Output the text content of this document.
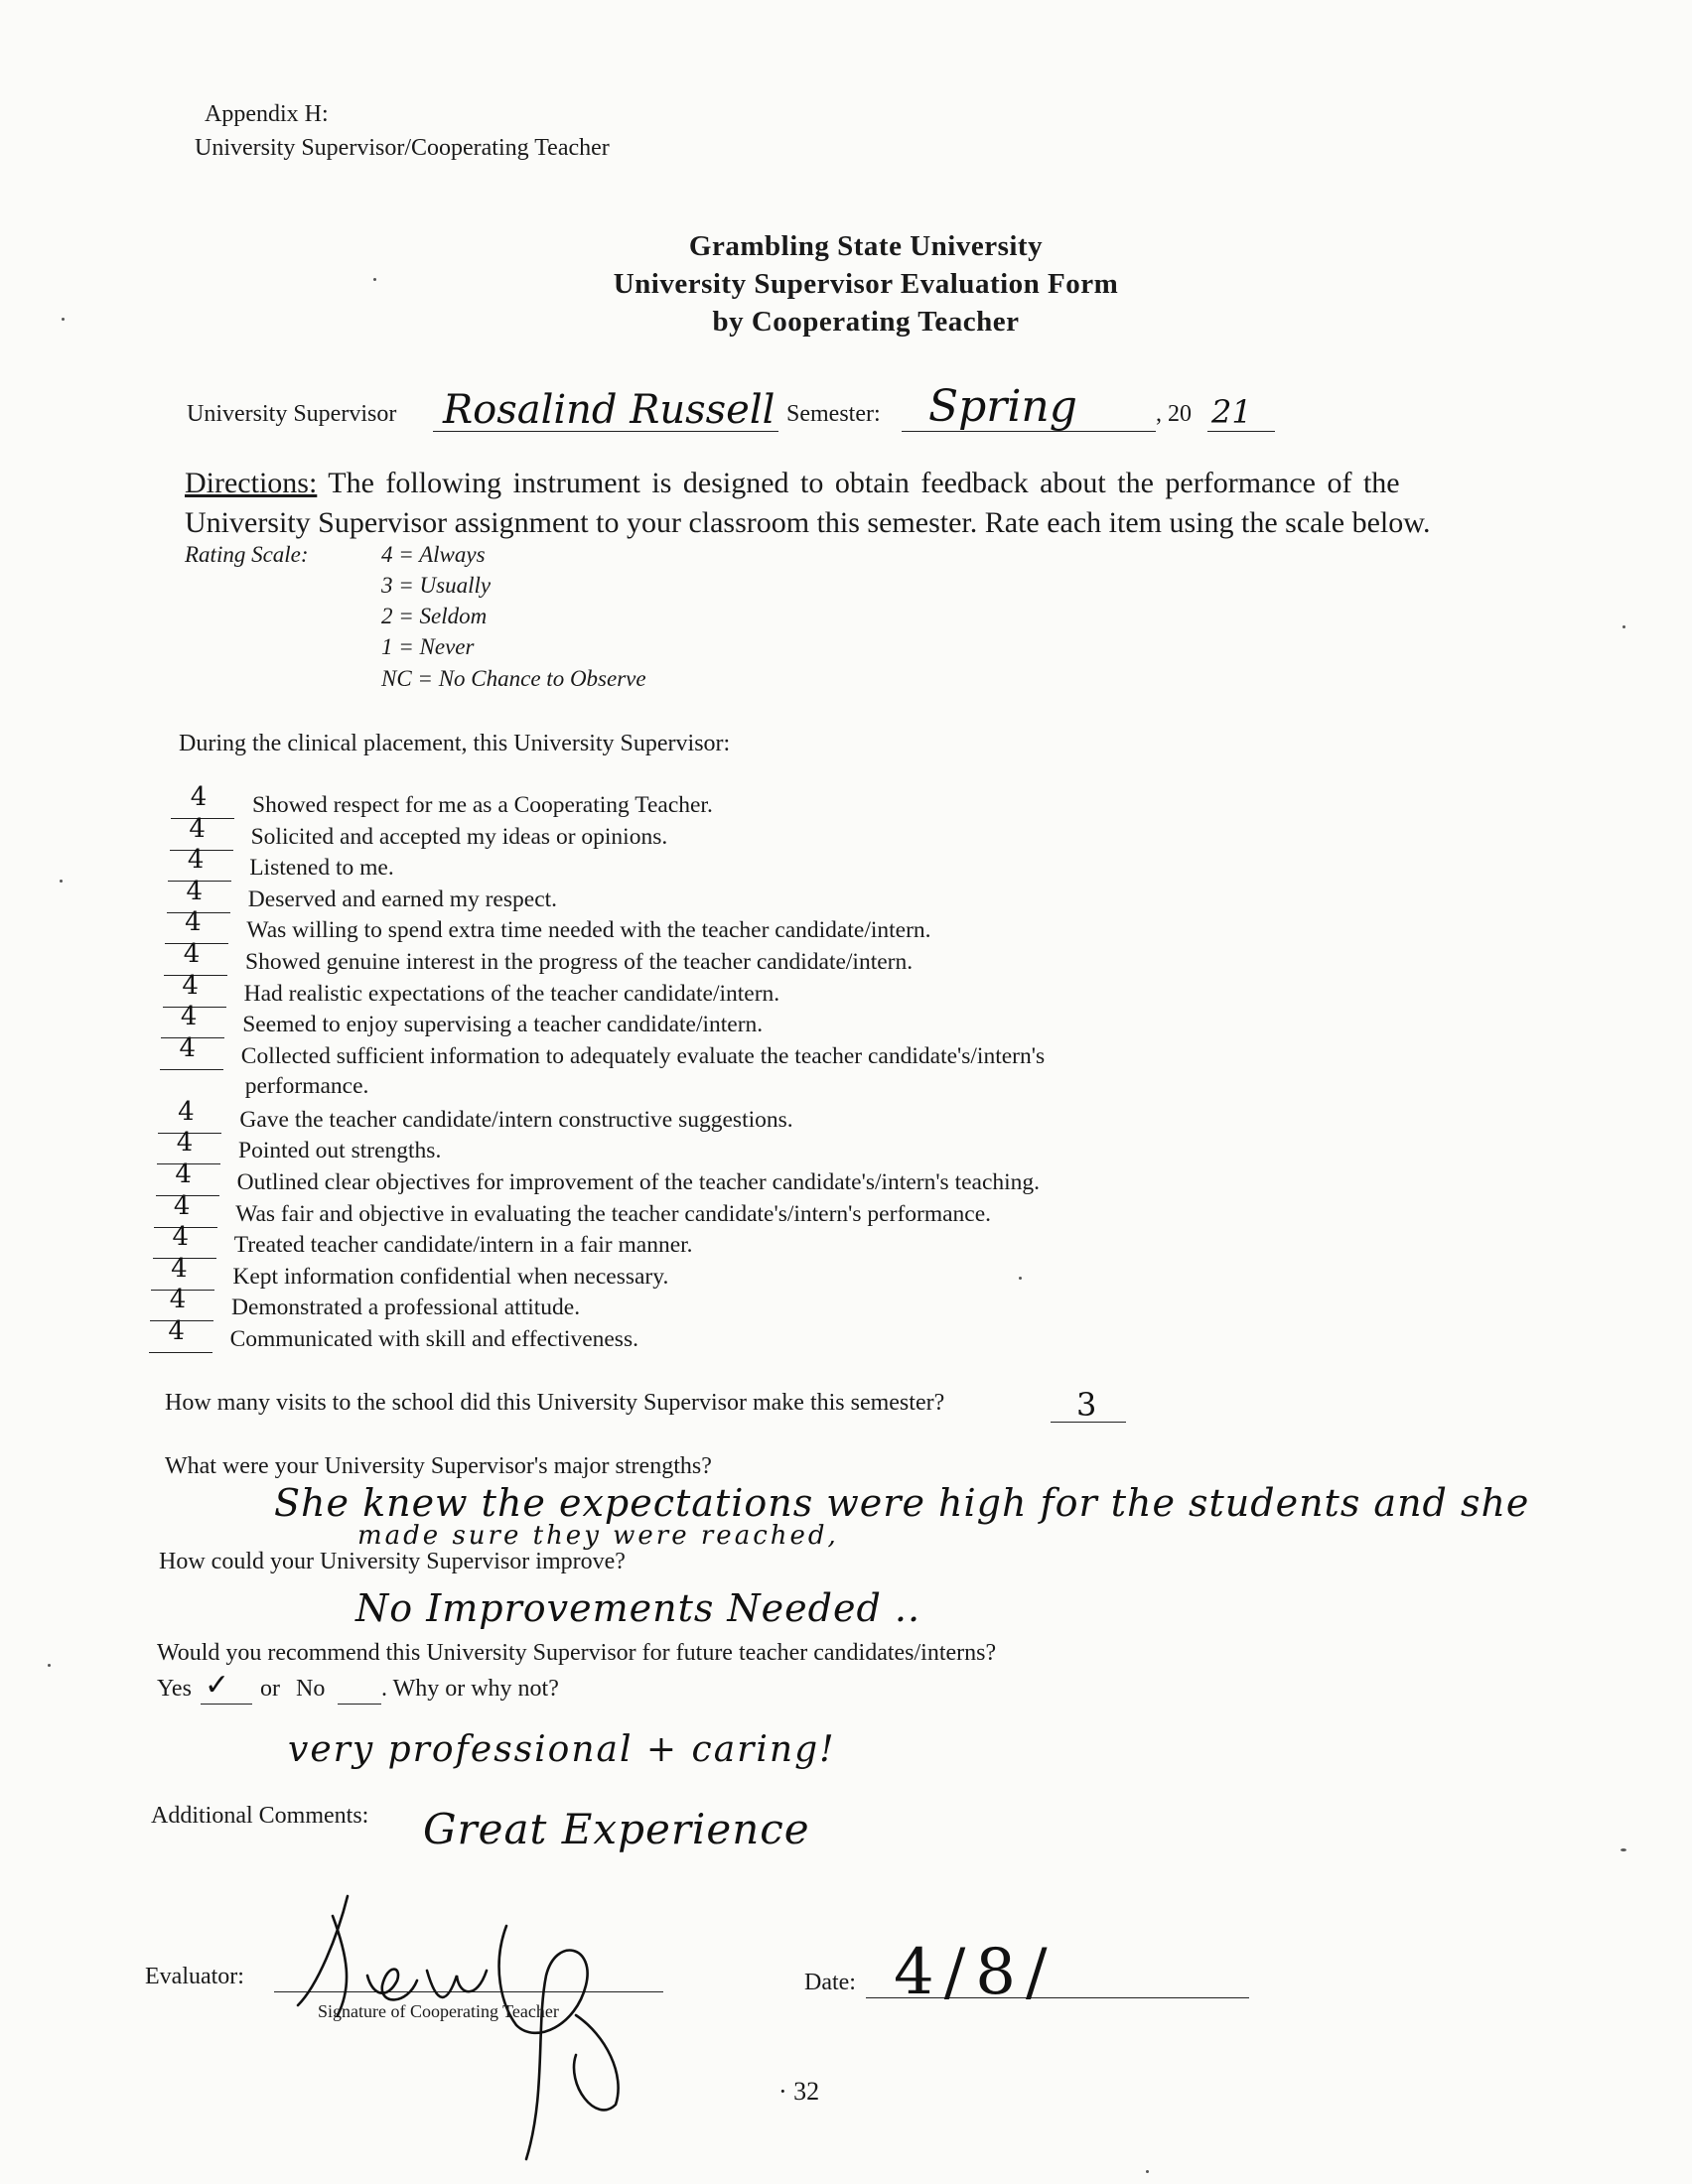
Appendix H:
University Supervisor/Cooperating Teacher
Grambling State University
University Supervisor Evaluation Form
by Cooperating Teacher
University Supervisor Rosalind Russell Semester: Spring	, 20 21
Directions: The following instrument is designed to obtain feedback about the performance of the
University Supervisor assignment to your classroom this semester. Rate each item using the scale below.
Rating Scale:	4 = Always
3 = Usually
2 = Seldom
1 = Never
NC = No Chance to Observe
During the clinical placement, this University Supervisor:
4	Showed respect for me as a Cooperating Teacher.
4	Solicited and accepted my ideas or opinions.
4	Listened to me.
4	Deserved and earned my respect.
4	Was willing to spend extra time needed with the teacher candidate/intern.
4	Showed genuine interest in the progress of the teacher candidate/intern.
4	Had realistic expectations of the teacher candidate/intern.
4	Seemed to enjoy supervising a teacher candidate/intern.
4	Collected sufficient information to adequately evaluate the teacher candidate's/intern's
performance.
4	Gave the teacher candidate/intern constructive suggestions.
4	Pointed out strengths.
4	Outlined clear objectives for improvement of the teacher candidate's/intern's teaching.
4	Was fair and objective in evaluating the teacher candidate's/intern's performance.
4	Treated teacher candidate/intern in a fair manner.
4	Kept information confidential when necessary.
4	Demonstrated a professional attitude.
4	Communicated with skill and effectiveness.
How many visits to the school did this University Supervisor make this semester?	3
What were your University Supervisor's major strengths?
She knew the expectations were high for the students and she
made sure they were reached,
How could your University Supervisor improve?
No Improvements Needed ..
Would you recommend this University Supervisor for future teacher candidates/interns?
Yes ✓ or No . Why or why not?
very professional + caring!
Additional Comments: Great Experience
Evaluator:
Signature of Cooperating Teacher
Date: 4/8/
· 32
